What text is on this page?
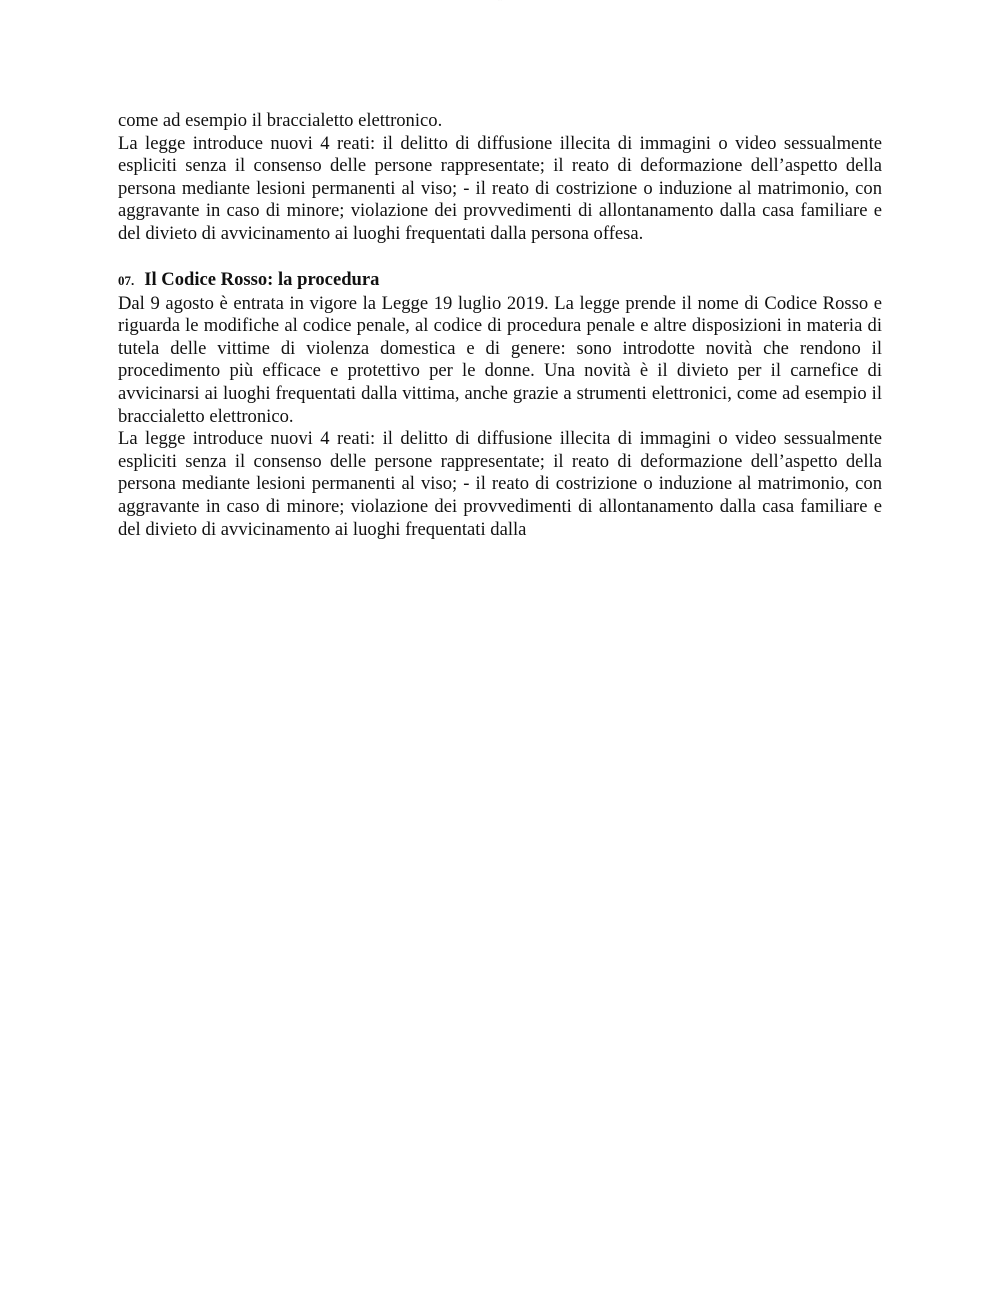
· · ·

come ad esempio il braccialetto elettronico.

La legge introduce nuovi 4 reati: il delitto di diffusione illecita di immagini o video sessualmente espliciti senza il consenso delle persone rappresentate; il reato di deformazione dell’aspetto della persona mediante lesioni permanenti al viso; - il reato di costrizione o induzione al matrimonio, con aggravante in caso di minore; violazione dei provvedimenti di allontanamento dalla casa familiare e del divieto di avvicinamento ai luoghi frequentati dalla persona offesa.

07. Il Codice Rosso: la procedura

Dal 9 agosto è entrata in vigore la Legge 19 luglio 2019. La legge prende il nome di Codice Rosso e riguarda le modifiche al codice penale, al codice di procedura penale e altre disposizioni in materia di tutela delle vittime di violenza domestica e di genere: sono introdotte novità che rendono il procedimento più efficace e protettivo per le donne. Una novità è il divieto per il carnefice di avvicinarsi ai luoghi frequentati dalla vittima, anche grazie a strumenti elettronici, come ad esempio il braccialetto elettronico.

La legge introduce nuovi 4 reati: il delitto di diffusione illecita di immagini o video sessualmente espliciti senza il consenso delle persone rappresentate; il reato di deformazione dell’aspetto della persona mediante lesioni permanenti al viso; - il reato di costrizione o induzione al matrimonio, con aggravante in caso di minore; violazione dei provvedimenti di allontanamento dalla casa familiare e del divieto di avvicinamento ai luoghi frequentati dalla
